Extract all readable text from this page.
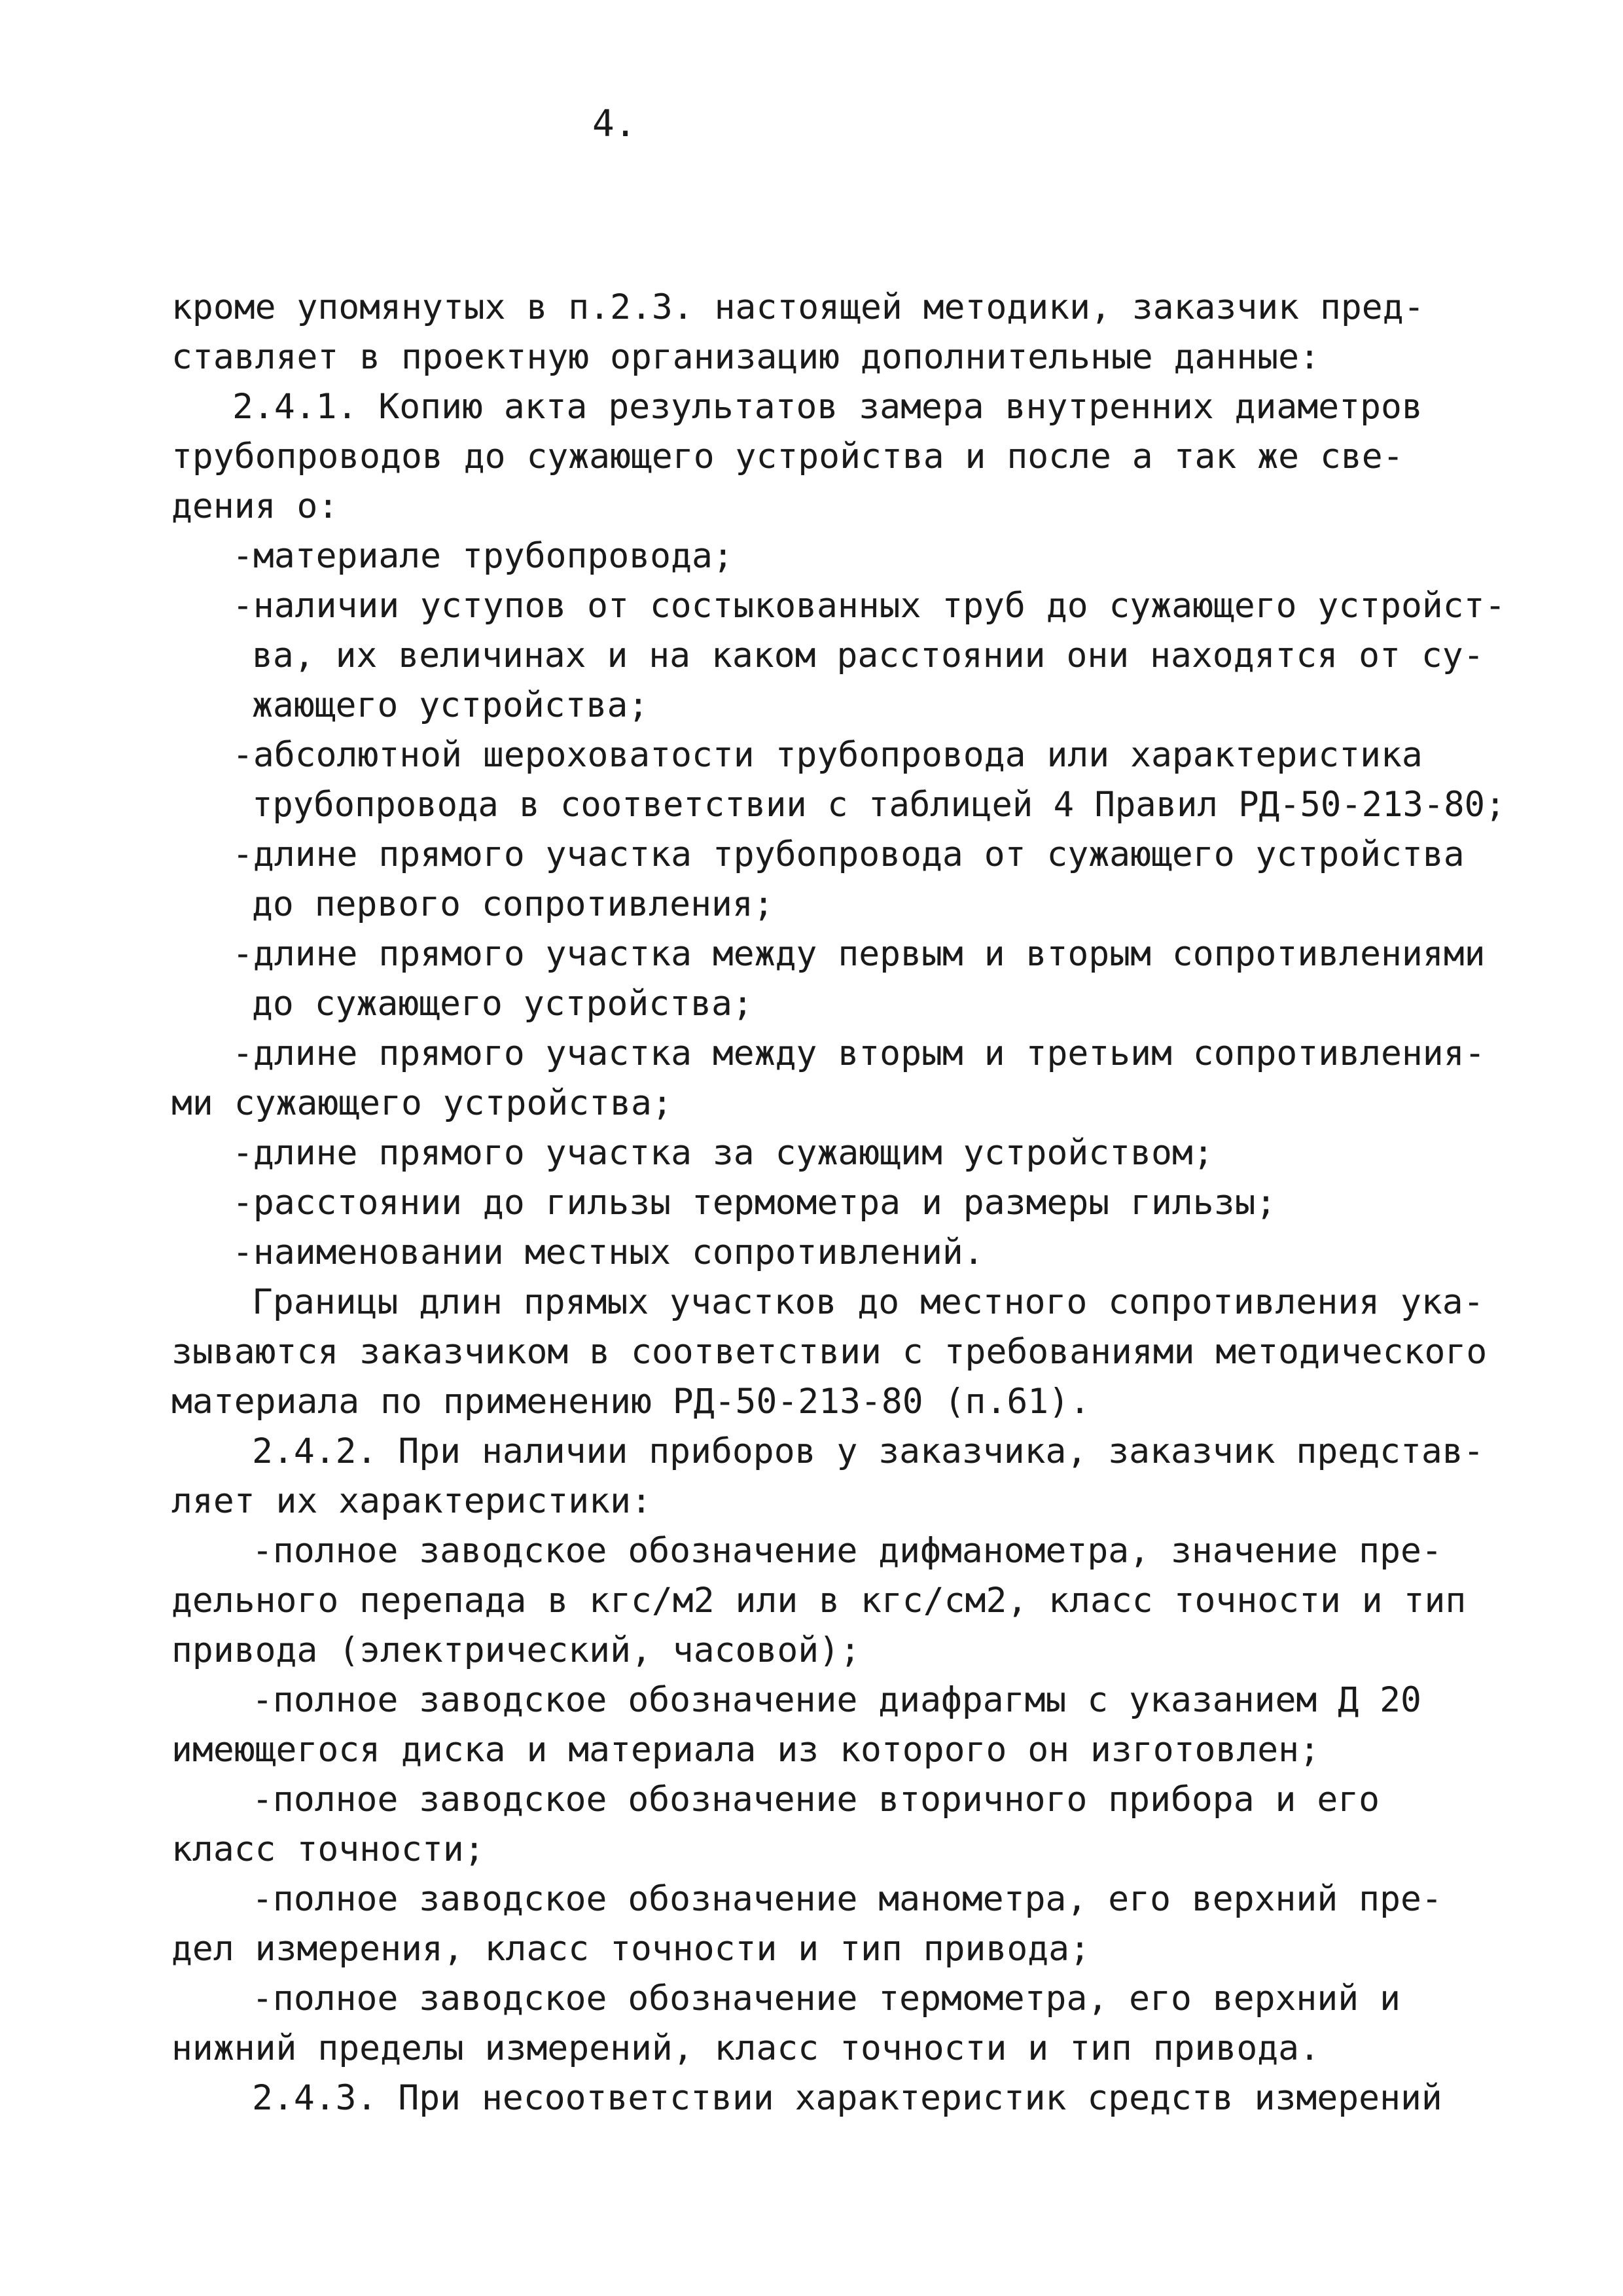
4.
кроме упомянутых в п.2.3. настоящей методики, заказчик пред-
ставляет в проектную организацию дополнительные данные:
2.4.1. Копию акта результатов замера внутренних диаметров
трубопроводов до сужающего устройства и после а так же све-
дения о:
-материале трубопровода;
-наличии уступов от состыкованных труб до сужающего устройст-
ва, их величинах и на каком расстоянии они находятся от су-
жающего устройства;
-абсолютной шероховатости трубопровода или характеристика
трубопровода в соответствии с таблицей 4 Правил РД-50-213-80;
-длине прямого участка трубопровода от сужающего устройства
до первого сопротивления;
-длине прямого участка между первым и вторым сопротивлениями
до сужающего устройства;
-длине прямого участка между вторым и третьим сопротивления-
ми сужающего устройства;
-длине прямого участка за сужающим устройством;
-расстоянии до гильзы термометра и размеры гильзы;
-наименовании местных сопротивлений.
Границы длин прямых участков до местного сопротивления ука-
зываются заказчиком в соответствии с требованиями методического
материала по применению РД-50-213-80 (п.61).
2.4.2. При наличии приборов у заказчика, заказчик представ-
ляет их характеристики:
-полное заводское обозначение дифманометра, значение пре-
дельного перепада в кгс/м2 или в кгс/см2, класс точности и тип
привода (электрический, часовой);
-полное заводское обозначение диафрагмы с указанием Д 20
имеющегося диска и материала из которого он изготовлен;
-полное заводское обозначение вторичного прибора и его
класс точности;
-полное заводское обозначение манометра, его верхний пре-
дел измерения, класс точности и тип привода;
-полное заводское обозначение термометра, его верхний и
нижний пределы измерений, класс точности и тип привода.
2.4.3. При несоответствии характеристик средств измерений
